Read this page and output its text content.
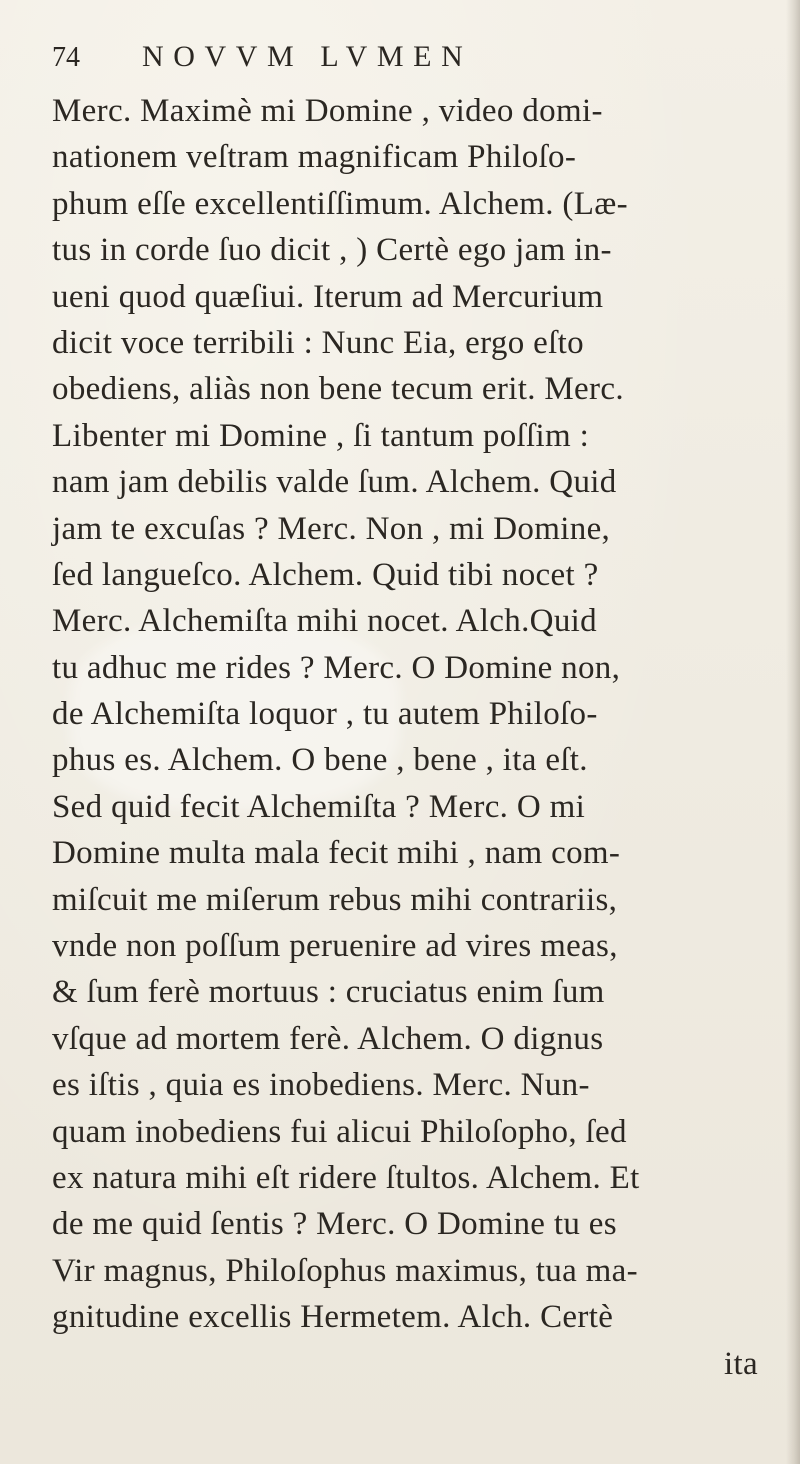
74	NOVVM LVMEN
Merc. Maximè mi Domine , video domi-
nationem veſtram magnificam Philoſo-
phum eſſe excellentiſſimum. Alchem. (Læ-
tus in corde ſuo dicit , ) Certè ego jam in-
ueni quod quæſiui. Iterum ad Mercurium
dicit voce terribili : Nunc Eia, ergo eſto
obediens, aliàs non bene tecum erit. Merc.
Libenter mi Domine , ſi tantum poſſim :
nam jam debilis valde ſum. Alchem. Quid
jam te excuſas ? Merc. Non , mi Domine,
ſed langueſco. Alchem. Quid tibi nocet ?
Merc. Alchemiſta mihi nocet. Alch.Quid
tu adhuc me rides ? Merc. O Domine non,
de Alchemiſta loquor , tu autem Philoſo-
phus es. Alchem. O bene , bene , ita eſt.
Sed quid fecit Alchemiſta ? Merc. O mi
Domine multa mala fecit mihi , nam com-
miſcuit me miſerum rebus mihi contrariis,
vnde non poſſum peruenire ad vires meas,
& ſum ferè mortuus : cruciatus enim ſum
vſque ad mortem ferè. Alchem. O dignus
es iſtis , quia es inobediens. Merc. Nun-
quam inobediens fui alicui Philoſopho, ſed
ex natura mihi eſt ridere ſtultos. Alchem. Et
de me quid ſentis ? Merc. O Domine tu es
Vir magnus, Philoſophus maximus, tua ma-
gnitudine excellis Hermetem. Alch. Certè
ita
